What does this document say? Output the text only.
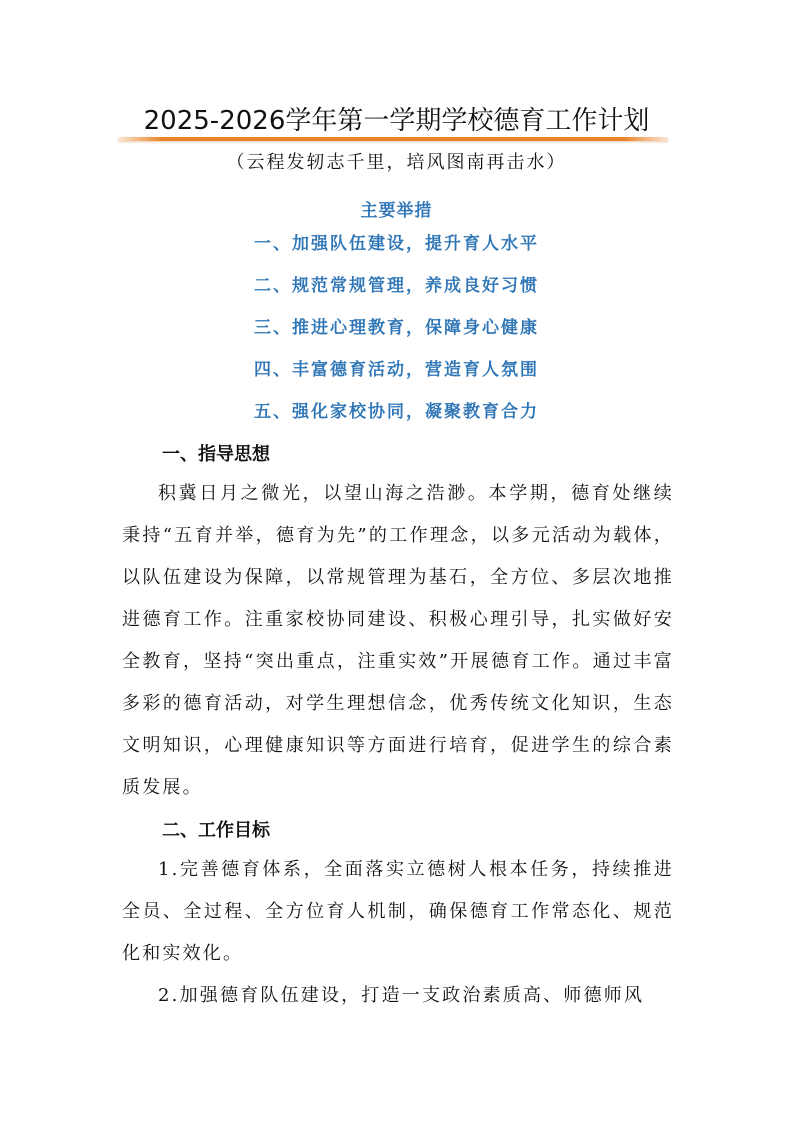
2025-2026学年第一学期学校德育工作计划
（云程发轫志千里，培风图南再击水）
主要举措
一、加强队伍建设，提升育人水平
二、规范常规管理，养成良好习惯
三、推进心理教育，保障身心健康
四、丰富德育活动，营造育人氛围
五、强化家校协同，凝聚教育合力
一、指导思想

积冀日月之微光，以望山海之浩渺。本学期，德育处继续秉持“五育并举，德育为先”的工作理念，以多元活动为载体，以队伍建设为保障，以常规管理为基石，全方位、多层次地推进德育工作。注重家校协同建设、积极心理引导，扎实做好安全教育，坚持“突出重点，注重实效”开展德育工作。通过丰富多彩的德育活动，对学生理想信念，优秀传统文化知识，生态文明知识，心理健康知识等方面进行培育，促进学生的综合素质发展。

二、工作目标

1.完善德育体系，全面落实立德树人根本任务，持续推进全员、全过程、全方位育人机制，确保德育工作常态化、规范化和实效化。

2.加强德育队伍建设，打造一支政治素质高、师德师风
